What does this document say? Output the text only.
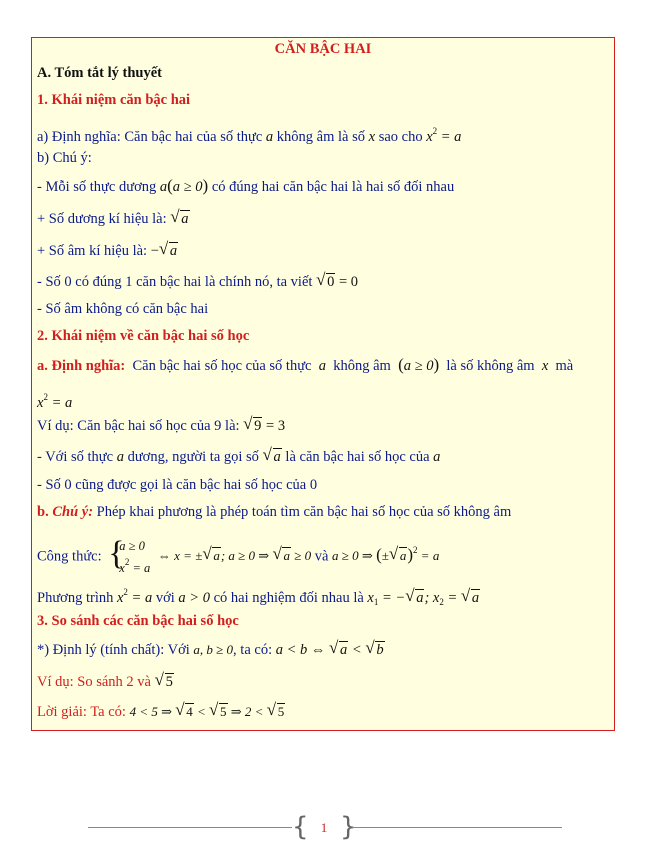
CĂN BẬC HAI
A. Tóm tắt lý thuyết
1. Khái niệm căn bậc hai
a) Định nghĩa: Căn bậc hai của số thực a không âm là số x sao cho $x^2 = a$
b) Chú ý:
- Mỗi số thực dương a(a ≥ 0) có đúng hai căn bậc hai là hai số đối nhau
+ Số dương kí hiệu là: √ a
+ Số âm kí hiệu là: − √ a
- Số 0 có đúng 1 căn bậc hai là chính nó, ta viết √ 0 = 0
- Số âm không có căn bậc hai
2. Khái niệm về căn bậc hai số học
a. Định nghĩa: Căn bậc hai số học của số thực a không âm (a ≥ 0) là số không âm x mà
$x^2 = a$
Ví dụ: Căn bậc hai số học của 9 là: √ 9 = 3
- Với số thực a dương, người ta gọi số √ a là căn bậc hai số học của a
- Số 0 cũng được gọi là căn bậc hai số học của 0
b. Chú ý: Phép khai phương là phép toán tìm căn bậc hai số học của số không âm
Công thức: { a ≥ 0
$x^2 = a$ ⇔ x = ± √ a; a ≥ 0 ⇒ √ a ≥ 0 và a ≥ 0 ⇒ (± √ a)$^2$ = a
Phương trình $x^2 = a$ với a > 0 có hai nghiệm đối nhau là $x_1$ = − √ a; $x_2$ = √ a
3. So sánh các căn bậc hai số học
*) Định lý (tính chất): Với a, b ≥ 0, ta có: a < b ⇔ √ a < √ b
Ví dụ: So sánh 2 và √ 5
Lời giải: Ta có: 4 < 5 ⇒ √ 4 < √ 5 ⇒ 2 < √ 5
{ 1 }
